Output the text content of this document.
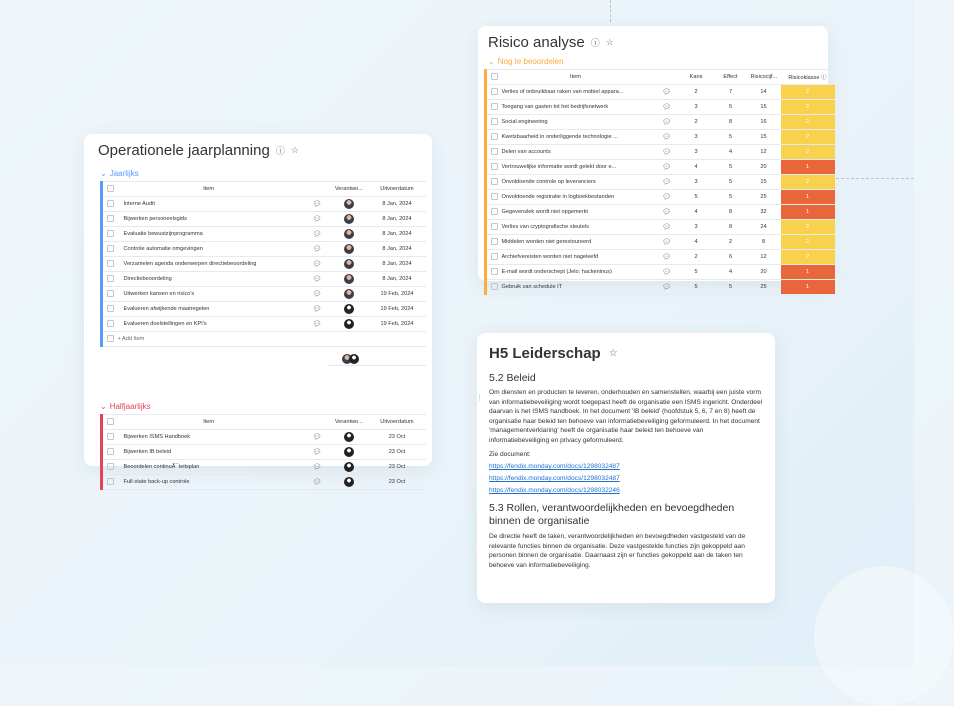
Operationele jaarplanning ⓘ ☆
⌄ Jaarlijks
	Item		Verantwo...	Uitvoerdatum
	Interne Audit	💬︎		8 Jan, 2024
	Bijwerken personeelsgids	💬︎		8 Jan, 2024
	Evaluatie bewustzijnprogramma	💬︎		8 Jan, 2024
	Controle automatie omgevingen	💬︎		8 Jan, 2024
	Verzamelen agenda onderwerpen directiebeoordeling	💬︎		8 Jan, 2024
	Directiebeoordeling	💬︎		8 Jan, 2024
	Uitwerken kansen en risico's	💬︎		19 Feb, 2024
	Evalueren afwijkende maatregelen	💬︎		19 Feb, 2024
	Evalueren doelstellingen en KPI's	💬︎		19 Feb, 2024
	+ Add Item			
⌄ Halfjaarlijks
	Item		Verantwo...	Uitvoerdatum
	Bijwerken ISMS Handboek	💬︎		23 Oct
	Bijwerken IB beleid	💬︎		23 Oct
	Beoordelen continuÃ¯teitsplan	💬︎		23 Oct
	Full-state back-up controle	💬︎		23 Oct
Risico analyse ⓘ ☆
⌄ Nog te beoordelen
	Item		Kans	Effect	Risicocijf...	Risicoklasse ⓘ
	Verlies of onbruikbaar raken van mobiel appara...	💬︎	2	7	14	2
	Toegang van gasten tot het bedrijfsnetwerk	💬︎	3	5	15	2
	Social engineering	💬︎	2	8	16	2
	Kwetsbaarheid in onderliggende technologie ...	💬︎	3	5	15	2
	Delen van accounts	💬︎	3	4	12	2
	Vertrouwelijke informatie wordt gelekt door e...	💬︎	4	5	20	1
	Onvoldoende controle op leveranciers	💬︎	3	5	15	2
	Onvoldoende registratie in logboekbestanden	💬︎	5	5	25	1
	Gegevenslek wordt niet opgemerkt	💬︎	4	8	32	1
	Verlies van cryptografische sleutels	💬︎	3	8	24	2
	Middelen worden niet gerestoureerd	💬︎	4	2	8	2
	Archiefvereisten worden niet nageleefd	💬︎	2	6	12	2
	E-mail wordt onderschept (Jelo: hackeninus)	💬︎	5	4	20	1
	Gebruik van schedule IT	💬︎	5	5	25	1
H5 Leiderschap ☆
5.2 Beleid

Om diensten en producten te leveren, onderhouden en samenstellen, waarbij een juiste vorm van informatiebeveiliging wordt toegepast heeft de organisatie een ISMS ingericht. Onderdeel daarvan is het ISMS handboek. In het document 'IB beleid' (hoofdstuk 5, 6, 7 en 8) heeft de organisatie haar beleid ten behoeve van informatiebeveiliging geformuleerd. In het document 'managementverklaring' heeft de organisatie haar beleid ten behoeve van informatiebeveiliging en privacy geformuleerd.

Zie document:

https://fendix.monday.com/docs/1298032487
https://fendix.monday.com/docs/1298032487
https://fendix.monday.com/docs/1298032246
5.3 Rollen, verantwoordelijkheden en bevoegdheden binnen de organisatie

De directie heeft de taken, verantwoordelijkheden en bevoegdheden vastgesteld van de relevante functies binnen de organisatie. Deze vastgestelde functies zijn gekoppeld aan personen binnen de organisatie. Daarnaast zijn er functies gekoppeld aan de taken ten behoeve van informatiebeveiliging.

⋮
